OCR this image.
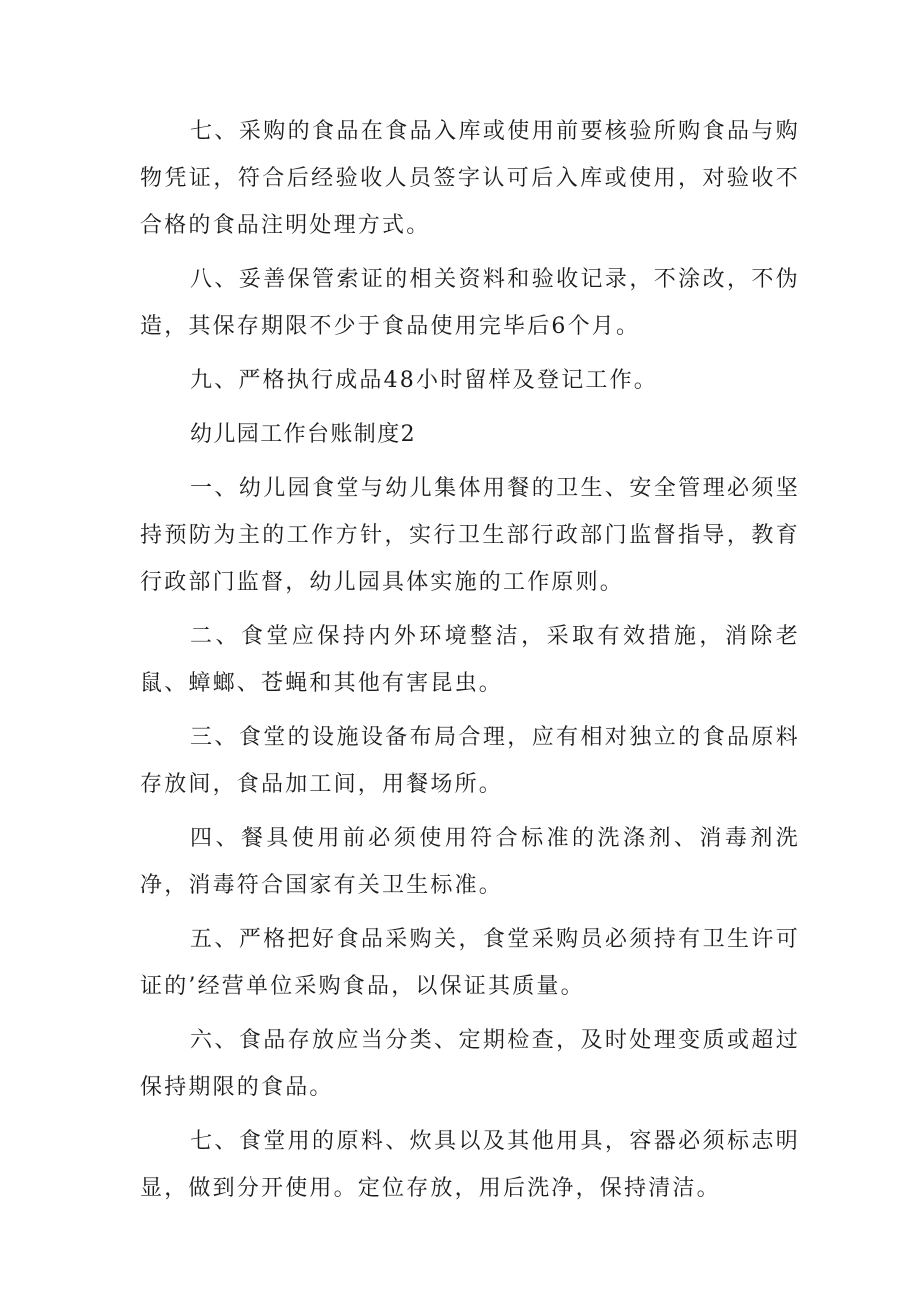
七、采购的食品在食品入库或使用前要核验所购食品与购物凭证，符合后经验收人员签字认可后入库或使用，对验收不合格的食品注明处理方式。

八、妥善保管索证的相关资料和验收记录，不涂改，不伪造，其保存期限不少于食品使用完毕后6个月。

九、严格执行成品48小时留样及登记工作。

幼儿园工作台账制度2

一、幼儿园食堂与幼儿集体用餐的卫生、安全管理必须坚持预防为主的工作方针，实行卫生部行政部门监督指导，教育行政部门监督，幼儿园具体实施的工作原则。

二、食堂应保持内外环境整洁，采取有效措施，消除老鼠、蟑螂、苍蝇和其他有害昆虫。

三、食堂的设施设备布局合理，应有相对独立的食品原料存放间，食品加工间，用餐场所。

四、餐具使用前必须使用符合标准的洗涤剂、消毒剂洗净，消毒符合国家有关卫生标准。

五、严格把好食品采购关，食堂采购员必须持有卫生许可证的’经营单位采购食品，以保证其质量。

六、食品存放应当分类、定期检查，及时处理变质或超过保持期限的食品。

七、食堂用的原料、炊具以及其他用具，容器必须标志明显，做到分开使用。定位存放，用后洗净，保持清洁。
